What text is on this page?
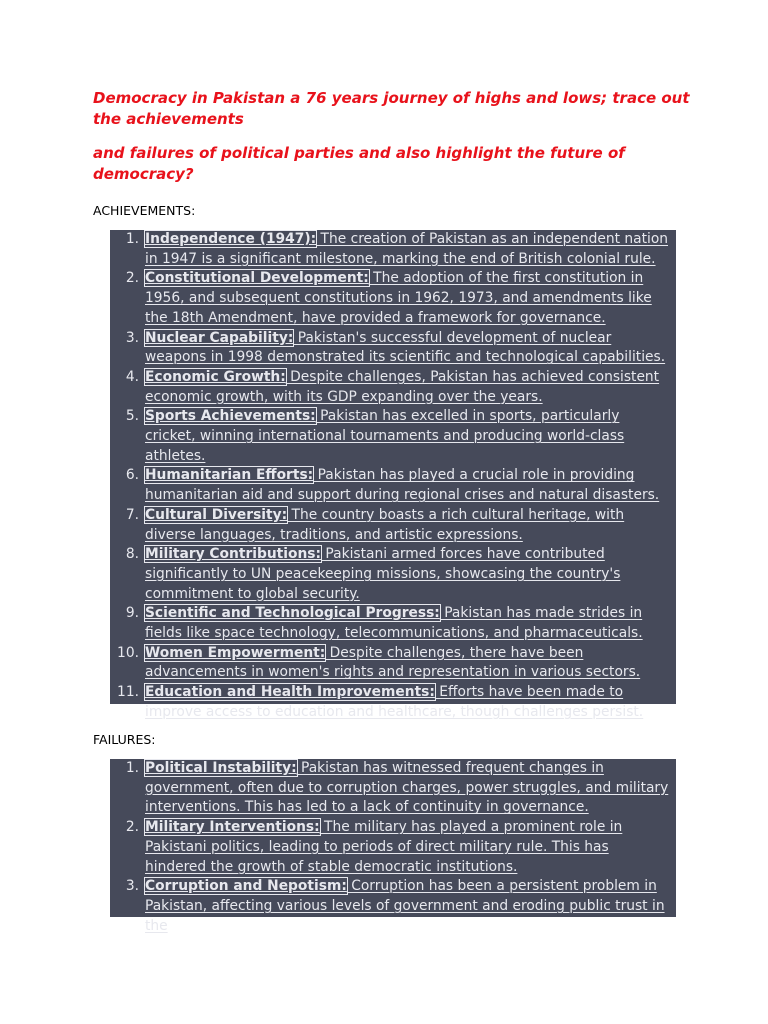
Democracy in Pakistan a 76 years journey of highs and lows; trace out the achievements

and failures of political parties and also highlight the future of democracy?

ACHIEVEMENTS:

1. Independence (1947): The creation of Pakistan as an independent nation in 1947 is a significant milestone, marking the end of British colonial rule.
2. Constitutional Development: The adoption of the first constitution in 1956, and subsequent constitutions in 1962, 1973, and amendments like the 18th Amendment, have provided a framework for governance.
3. Nuclear Capability: Pakistan's successful development of nuclear weapons in 1998 demonstrated its scientific and technological capabilities.
4. Economic Growth: Despite challenges, Pakistan has achieved consistent economic growth, with its GDP expanding over the years.
5. Sports Achievements: Pakistan has excelled in sports, particularly cricket, winning international tournaments and producing world-class athletes.
6. Humanitarian Efforts: Pakistan has played a crucial role in providing humanitarian aid and support during regional crises and natural disasters.
7. Cultural Diversity: The country boasts a rich cultural heritage, with diverse languages, traditions, and artistic expressions.
8. Military Contributions: Pakistani armed forces have contributed significantly to UN peacekeeping missions, showcasing the country's commitment to global security.
9. Scientific and Technological Progress: Pakistan has made strides in fields like space technology, telecommunications, and pharmaceuticals.
10. Women Empowerment: Despite challenges, there have been advancements in women's rights and representation in various sectors.
11. Education and Health Improvements: Efforts have been made to improve access to education and healthcare, though challenges persist.

FAILURES:

1. Political Instability: Pakistan has witnessed frequent changes in government, often due to corruption charges, power struggles, and military interventions. This has led to a lack of continuity in governance.
2. Military Interventions: The military has played a prominent role in Pakistani politics, leading to periods of direct military rule. This has hindered the growth of stable democratic institutions.
3. Corruption and Nepotism: Corruption has been a persistent problem in Pakistan, affecting various levels of government and eroding public trust in the
